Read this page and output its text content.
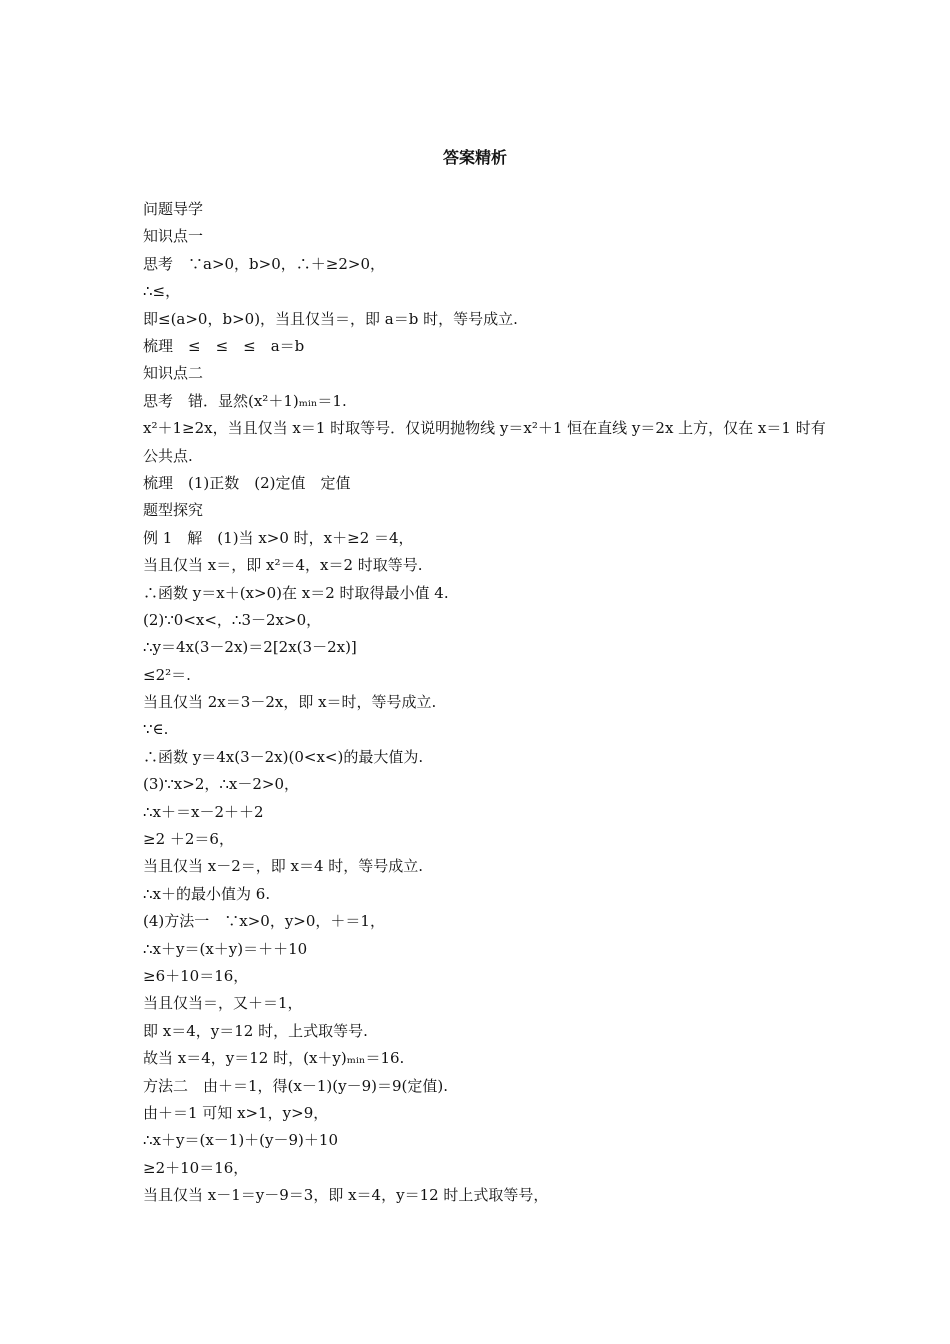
答案精析
问题导学
知识点一
思考　∵a>0，b>0，∴＋≥2>0，
∴≤，
即≤(a>0，b>0)，当且仅当＝，即 a＝b 时，等号成立.
梳理　≤　≤　≤　a＝b
知识点二
思考　错．显然(x²＋1)ₘᵢₙ＝1.
x²＋1≥2x，当且仅当 x＝1 时取等号．仅说明抛物线 y＝x²＋1 恒在直线 y＝2x 上方，仅在 x＝1 时有公共点.
梳理　(1)正数　(2)定值　定值
题型探究
例 1　解　(1)当 x>0 时，x＋≥2 ＝4，
当且仅当 x＝，即 x²＝4，x＝2 时取等号.
∴函数 y＝x＋(x>0)在 x＝2 时取得最小值 4.
(2)∵0<x<，∴3－2x>0，
∴y＝4x(3－2x)＝2[2x(3－2x)]
≤2²＝.
当且仅当 2x＝3－2x，即 x＝时，等号成立.
∵∈.
∴函数 y＝4x(3－2x)(0<x<)的最大值为.
(3)∵x>2，∴x－2>0，
∴x＋＝x－2＋＋2
≥2 ＋2＝6，
当且仅当 x－2＝，即 x＝4 时，等号成立.
∴x＋的最小值为 6.
(4)方法一　∵x>0，y>0，＋＝1，
∴x＋y＝(x＋y)＝＋＋10
≥6＋10＝16，
当且仅当＝，又＋＝1，
即 x＝4，y＝12 时，上式取等号.
故当 x＝4，y＝12 时，(x＋y)ₘᵢₙ＝16.
方法二　由＋＝1，得(x－1)(y－9)＝9(定值).
由＋＝1 可知 x>1，y>9，
∴x＋y＝(x－1)＋(y－9)＋10
≥2＋10＝16，
当且仅当 x－1＝y－9＝3，即 x＝4，y＝12 时上式取等号，
